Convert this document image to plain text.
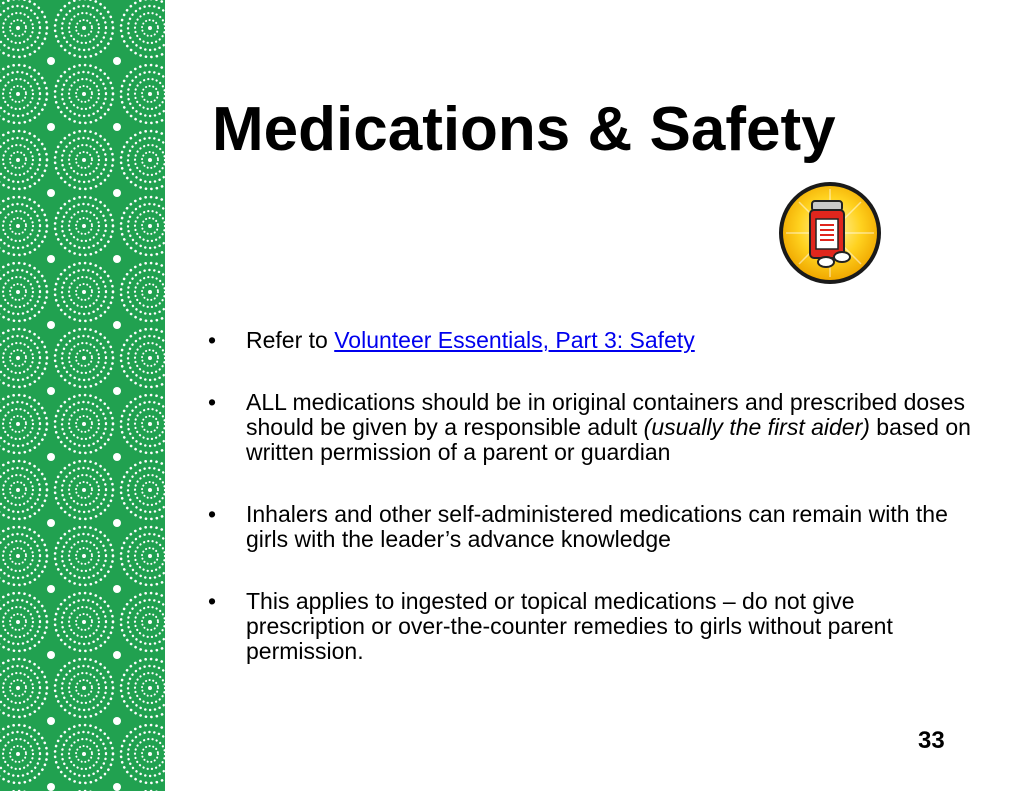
Medications & Safety
• Refer to Volunteer Essentials, Part 3: Safety
• ALL medications should be in original containers and prescribed doses should be given by a responsible adult (usually the first aider) based on written permission of a parent or guardian
• Inhalers and other self-administered medications can remain with the girls with the leader’s advance knowledge
• This applies to ingested or topical medications – do not give prescription or over-the-counter remedies to girls without parent permission.
33
